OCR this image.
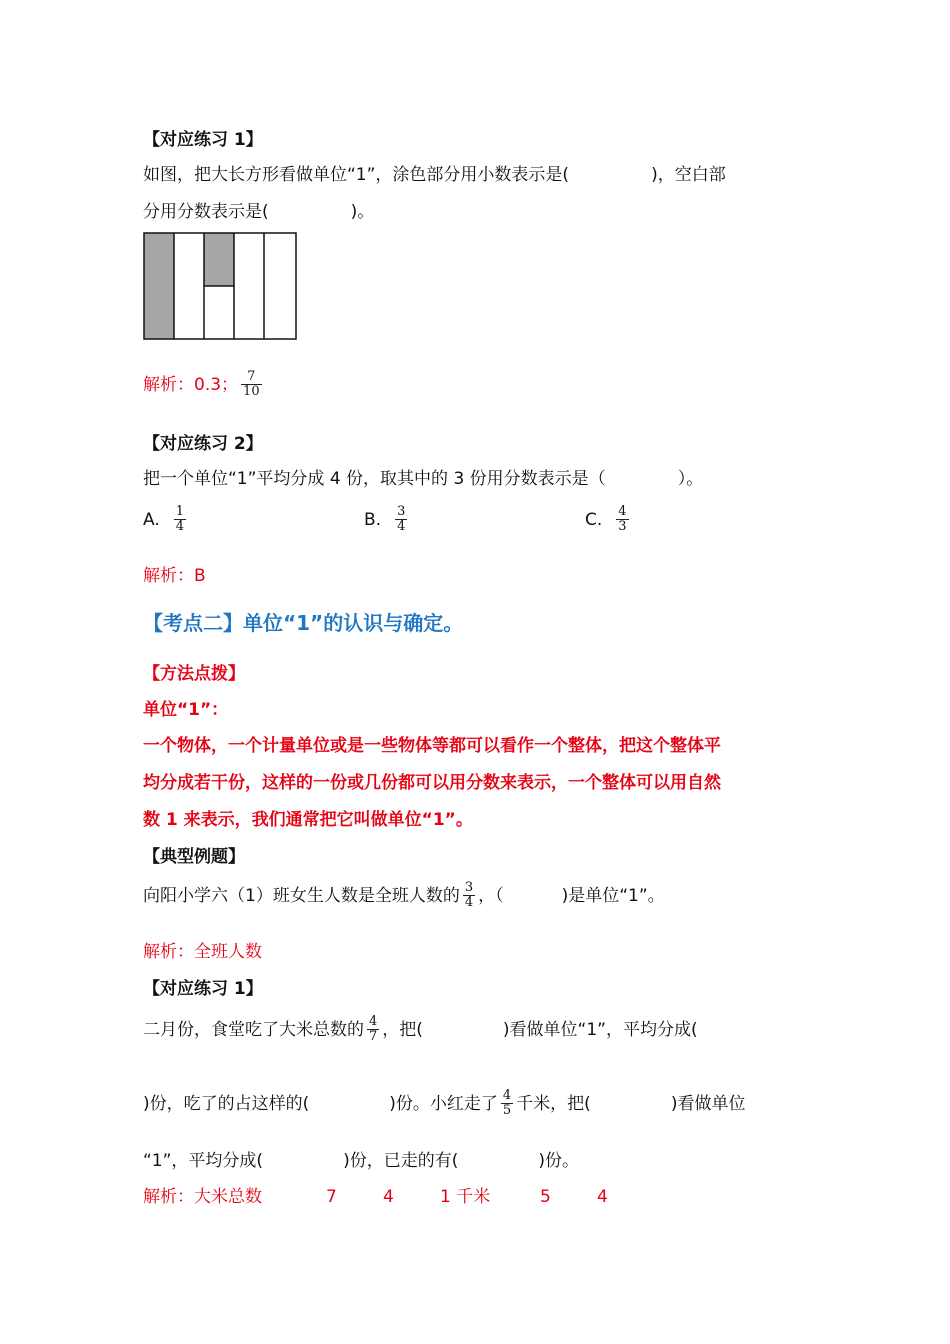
【对应练习 1】
如图，把大长方形看做单位“1”，涂色部分用小数表示是(	)，空白部
分用分数表示是(	)。
解析：0.3； $\frac{7}{10}$
【对应练习 2】
把一个单位“1”平均分成 4 份，取其中的 3 份用分数表示是（	）。
A. $\frac{1}{4}$	B. $\frac{3}{4}$	C. $\frac{4}{3}$
解析：B
【考点二】单位“1”的认识与确定。
【方法点拨】
单位“1”：
一个物体，一个计量单位或是一些物体等都可以看作一个整体，把这个整体平
均分成若干份，这样的一份或几份都可以用分数来表示，一个整体可以用自然
数 1 来表示，我们通常把它叫做单位“1”。
【典型例题】
向阳小学六（1）班女生人数是全班人数的 $\frac{3}{4}$ ，（	)是单位“1”。
解析：全班人数
【对应练习 1】
二月份，食堂吃了大米总数的 $\frac{4}{7}$ ，把(	)看做单位“1”，平均分成(
)份，吃了的占这样的(	)份。小红走了 $\frac{4}{5}$ 千米，把(	)看做单位
“1”，平均分成(	)份，已走的有(	)份。
解析：大米总数	7	4	1 千米	5	4
